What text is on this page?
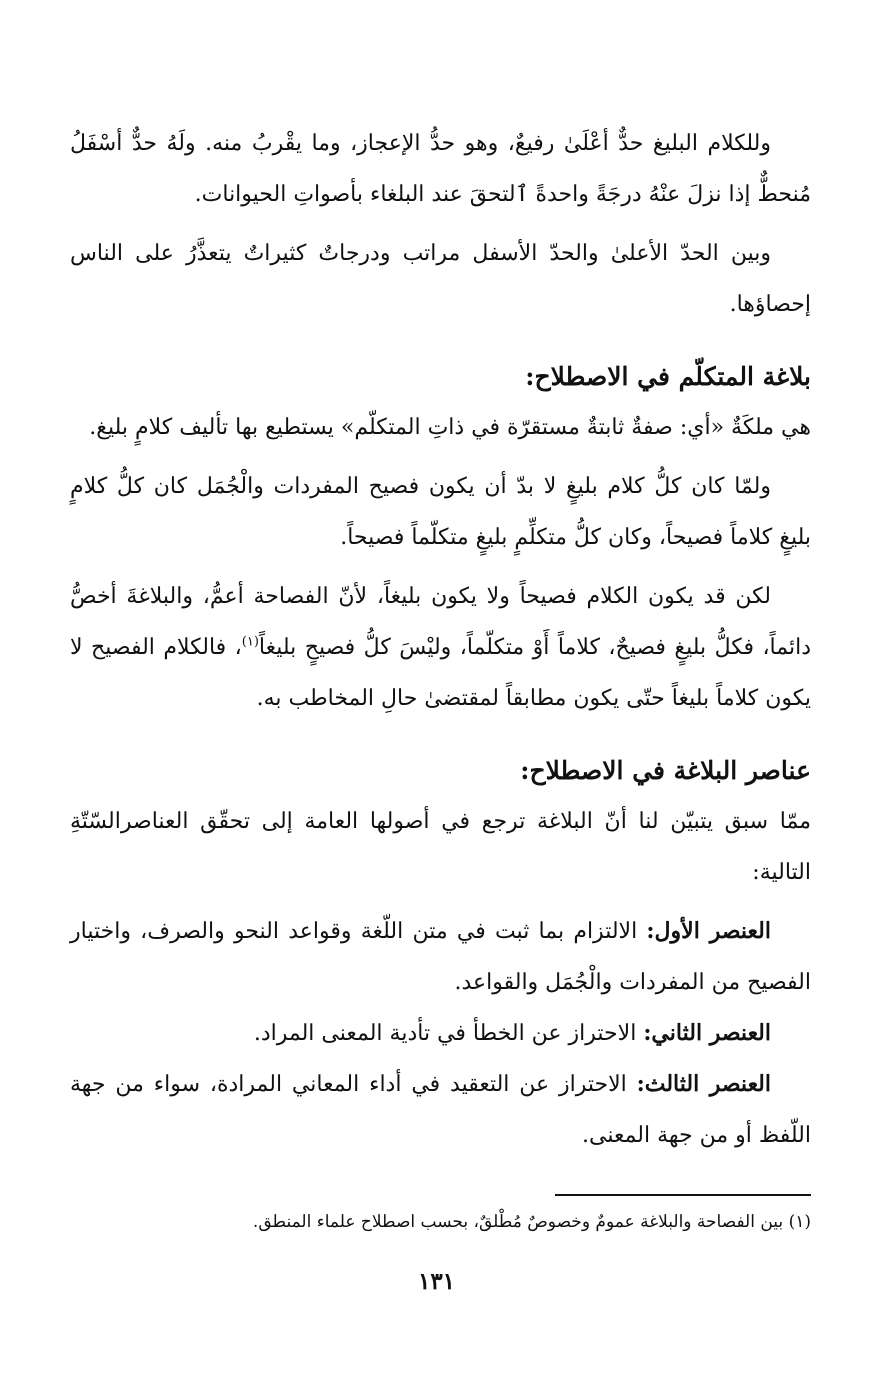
وللكلام البليغ حدٌّ أعْلَىٰ رفيعٌ، وهو حدُّ الإعجاز، وما يقْربُ منه. ولَهُ حدٌّ أسْفَلُ مُنحطٌّ إذا نزلَ عنْهُ درجَةً واحدةً ٱلتحقَ عند البلغاء بأصواتِ الحيوانات.

وبين الحدّ الأعلىٰ والحدّ الأسفل مراتب ودرجاتٌ كثيراتٌ يتعذَّرُ على الناس إحصاؤها.

بلاغة المتكلّم في الاصطلاح:

هي ملكَةٌ «أي: صفةٌ ثابتةٌ مستقرّة في ذاتِ المتكلّم» يستطيع بها تأليف كلامٍ بليغ.

ولمّا كان كلُّ كلام بليغٍ لا بدّ أن يكون فصيح المفردات والْجُمَل كان كلُّ كلامٍ بليغٍ كلاماً فصيحاً، وكان كلُّ متكلِّمٍ بليغٍ متكلّماً فصيحاً.

لكن قد يكون الكلام فصيحاً ولا يكون بليغاً، لأنّ الفصاحة أعمُّ، والبلاغةَ أخصُّ دائماً، فكلُّ بليغٍ فصيحٌ، كلاماً أَوْ متكلّماً، وليْسَ كلُّ فصيحٍ بليغاً$^{(١)}$، فالكلام الفصيح لا يكون كلاماً بليغاً حتّى يكون مطابقاً لمقتضىٰ حالِ المخاطب به.

عناصر البلاغة في الاصطلاح:

ممّا سبق يتبيّن لنا أنّ البلاغة ترجع في أصولها العامة إلى تحقّق العناصرالسّتّةِ التالية:

العنصر الأول: الالتزام بما ثبت في متن اللّغة وقواعد النحو والصرف، واختيار الفصيح من المفردات والْجُمَل والقواعد.
العنصر الثاني: الاحتراز عن الخطأ في تأدية المعنى المراد.
العنصر الثالث: الاحتراز عن التعقيد في أداء المعاني المرادة، سواء من جهة اللّفظ أو من جهة المعنى.
(١) بين الفصاحة والبلاغة عمومٌ وخصوصٌ مُطْلقٌ، بحسب اصطلاح علماء المنطق.
١٣١
